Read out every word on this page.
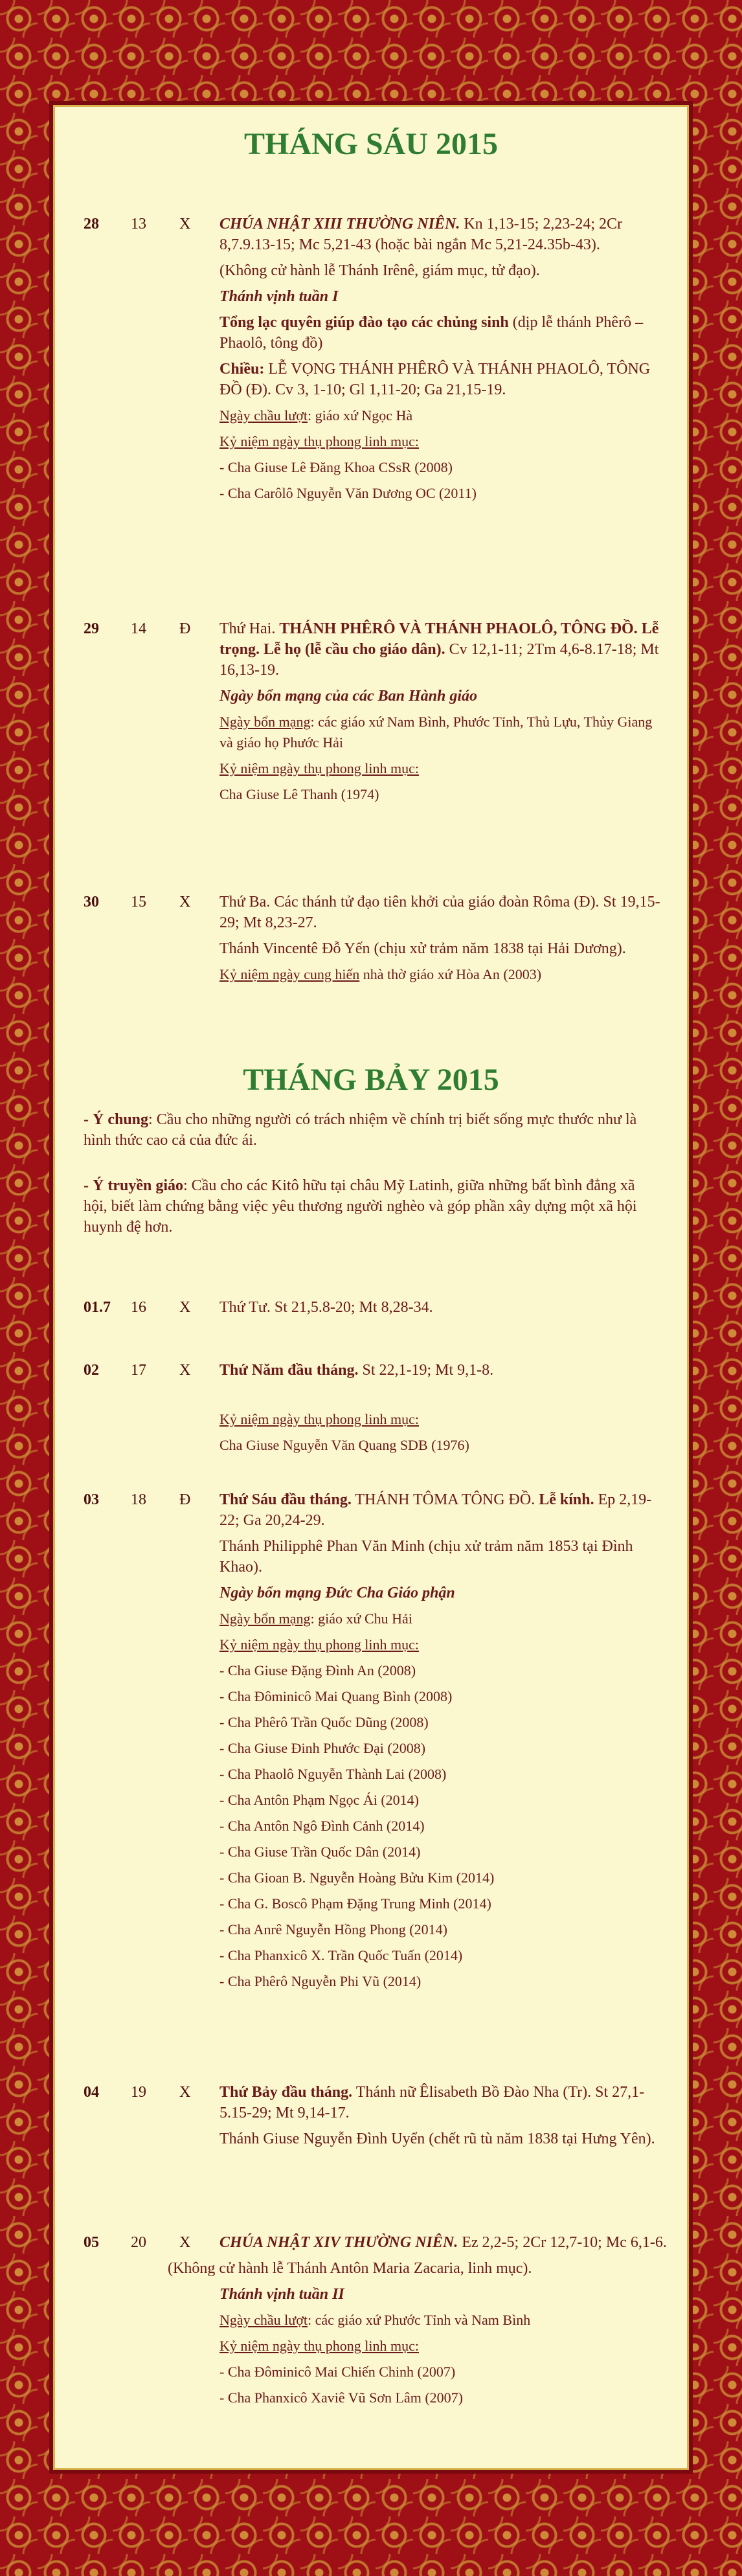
THÁNG SÁU 2015
28 13 X CHÚA NHẬT XIII THƯỜNG NIÊN. Kn 1,13-15; 2,23-24; 2Cr 8,7.9.13-15; Mc 5,21-43 (hoặc bài ngắn Mc 5,21-24.35b-43).

(Không cử hành lễ Thánh Irênê, giám mục, tử đạo).

Thánh vịnh tuần I

Tổng lạc quyên giúp đào tạo các chủng sinh (dịp lễ thánh Phêrô – Phaolô, tông đồ)

Chiều: LỄ VỌNG THÁNH PHÊRÔ VÀ THÁNH PHAOLÔ, TÔNG ĐỒ (Đ). Cv 3, 1-10; Gl 1,11-20; Ga 21,15-19.

Ngày chầu lượt: giáo xứ Ngọc Hà

Kỷ niệm ngày thụ phong linh mục:

- Cha Giuse Lê Đăng Khoa CSsR (2008)

- Cha Carôlô Nguyễn Văn Dương OC (2011)

29 14 Đ Thứ Hai. THÁNH PHÊRÔ VÀ THÁNH PHAOLÔ, TÔNG ĐỒ. Lễ trọng. Lễ họ (lễ cầu cho giáo dân). Cv 12,1-11; 2Tm 4,6-8.17-18; Mt 16,13-19.

Ngày bổn mạng của các Ban Hành giáo

Ngày bổn mạng: các giáo xứ Nam Bình, Phước Tỉnh, Thủ Lựu, Thủy Giang và giáo họ Phước Hải

Kỷ niệm ngày thụ phong linh mục:

Cha Giuse Lê Thanh (1974)

30 15 X Thứ Ba. Các thánh tử đạo tiên khởi của giáo đoàn Rôma (Đ). St 19,15-29; Mt 8,23-27.

Thánh Vincentê Đỗ Yến (chịu xử trảm năm 1838 tại Hải Dương).

Kỷ niệm ngày cung hiến nhà thờ giáo xứ Hòa An (2003)

THÁNG BẢY 2015

- Ý chung: Cầu cho những người có trách nhiệm về chính trị biết sống mực thước như là hình thức cao cả của đức ái.

- Ý truyền giáo: Cầu cho các Kitô hữu tại châu Mỹ Latinh, giữa những bất bình đẳng xã hội, biết làm chứng bằng việc yêu thương người nghèo và góp phần xây dựng một xã hội huynh đệ hơn.

01.7 16 X Thứ Tư. St 21,5.8-20; Mt 8,28-34.

02 17 X Thứ Năm đầu tháng. St 22,1-19; Mt 9,1-8.

Kỷ niệm ngày thụ phong linh mục:

Cha Giuse Nguyễn Văn Quang SDB (1976)

03 18 Đ Thứ Sáu đầu tháng. THÁNH TÔMA TÔNG ĐỒ. Lễ kính. Ep 2,19-22; Ga 20,24-29.

Thánh Philipphê Phan Văn Minh (chịu xử trảm năm 1853 tại Đình Khao).

Ngày bổn mạng Đức Cha Giáo phận

Ngày bổn mạng: giáo xứ Chu Hải

Kỷ niệm ngày thụ phong linh mục:

- Cha Giuse Đặng Đình An (2008)

- Cha Đôminicô Mai Quang Bình (2008)

- Cha Phêrô Trần Quốc Dũng (2008)

- Cha Giuse Đinh Phước Đại (2008)

- Cha Phaolô Nguyễn Thành Lai (2008)

- Cha Antôn Phạm Ngọc Ái (2014)

- Cha Antôn Ngô Đình Cảnh (2014)

- Cha Giuse Trần Quốc Dân (2014)

- Cha Gioan B. Nguyễn Hoàng Bửu Kim (2014)

- Cha G. Boscô Phạm Đặng Trung Minh (2014)

- Cha Anrê Nguyễn Hồng Phong (2014)

- Cha Phanxicô X. Trần Quốc Tuấn (2014)

- Cha Phêrô Nguyễn Phi Vũ (2014)

04 19 X Thứ Bảy đầu tháng. Thánh nữ Êlisabeth Bồ Đào Nha (Tr). St 27,1-5.15-29; Mt 9,14-17.

Thánh Giuse Nguyễn Đình Uyển (chết rũ tù năm 1838 tại Hưng Yên).

05 20 X CHÚA NHẬT XIV THƯỜNG NIÊN. Ez 2,2-5; 2Cr 12,7-10; Mc 6,1-6.

(Không cử hành lễ Thánh Antôn Maria Zacaria, linh mục).

Thánh vịnh tuần II

Ngày chầu lượt: các giáo xứ Phước Tỉnh và Nam Bình

Kỷ niệm ngày thụ phong linh mục:

- Cha Đôminicô Mai Chiến Chinh (2007)

- Cha Phanxicô Xaviê Vũ Sơn Lâm (2007)
